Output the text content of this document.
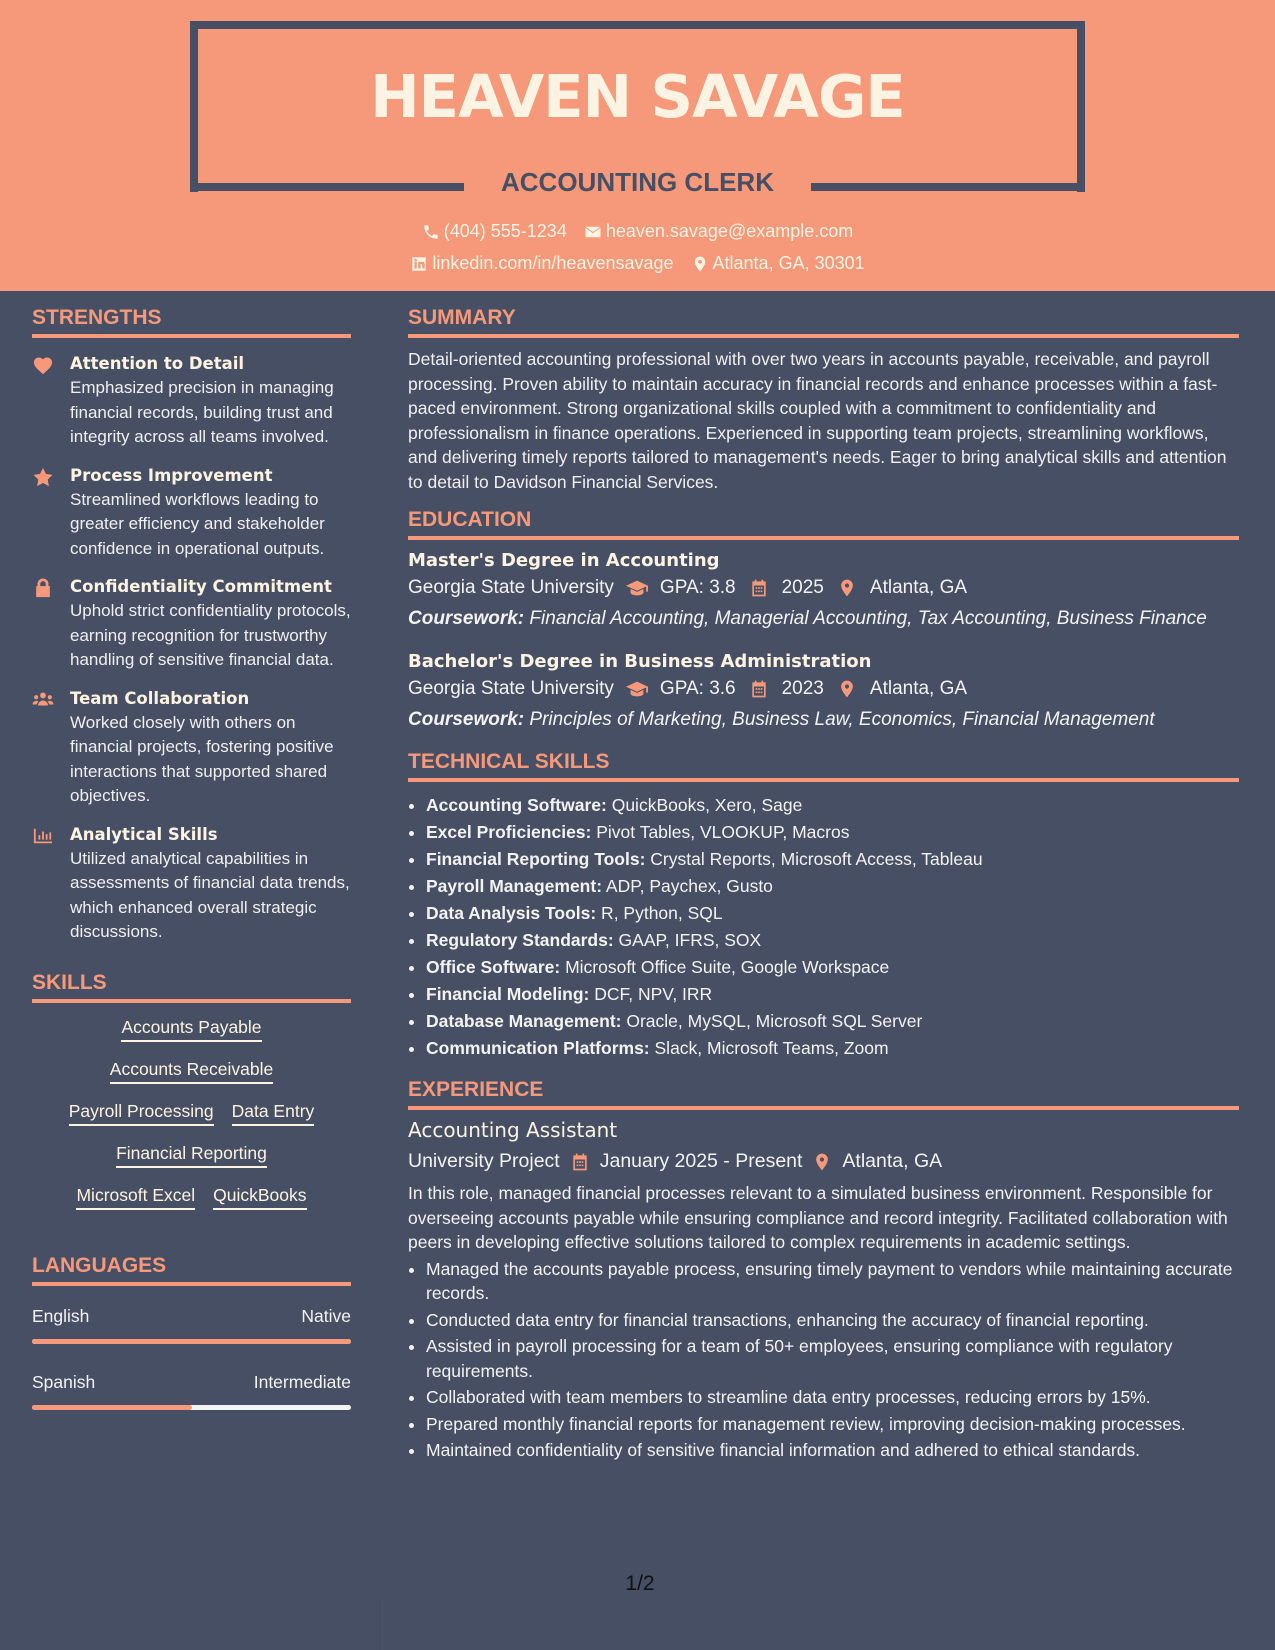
HEAVEN SAVAGE
ACCOUNTING CLERK
(404) 555-1234
heaven.savage@example.com
linkedin.com/in/heavensavage
Atlanta, GA, 30301
STRENGTHS
Attention to Detail

Emphasized precision in managing financial records, building trust and integrity across all teams involved.

Process Improvement

Streamlined workflows leading to greater efficiency and stakeholder confidence in operational outputs.

Confidentiality Commitment

Uphold strict confidentiality protocols, earning recognition for trustworthy handling of sensitive financial data.

Team Collaboration

Worked closely with others on financial projects, fostering positive interactions that supported shared objectives.

Analytical Skills

Utilized analytical capabilities in assessments of financial data trends, which enhanced overall strategic discussions.

SKILLS
Accounts Payable
Accounts Receivable
Payroll Processing Data Entry
Financial Reporting
Microsoft Excel QuickBooks
LANGUAGES
English	Native
Spanish	Intermediate
SUMMARY

Detail-oriented accounting professional with over two years in accounts payable, receivable, and payroll processing. Proven ability to maintain accuracy in financial records and enhance processes within a fast-paced environment. Strong organizational skills coupled with a commitment to confidentiality and professionalism in finance operations. Experienced in supporting team projects, streamlining workflows, and delivering timely reports tailored to management's needs. Eager to bring analytical skills and attention to detail to Davidson Financial Services.

EDUCATION
Master's Degree in Accounting
Georgia State University GPA: 3.8 2025 Atlanta, GA

Coursework: Financial Accounting, Managerial Accounting, Tax Accounting, Business Finance

Bachelor's Degree in Business Administration
Georgia State University GPA: 3.6 2023 Atlanta, GA

Coursework: Principles of Marketing, Business Law, Economics, Financial Management

TECHNICAL SKILLS
• Accounting Software: QuickBooks, Xero, Sage
• Excel Proficiencies: Pivot Tables, VLOOKUP, Macros
• Financial Reporting Tools: Crystal Reports, Microsoft Access, Tableau
• Payroll Management: ADP, Paychex, Gusto
• Data Analysis Tools: R, Python, SQL
• Regulatory Standards: GAAP, IFRS, SOX
• Office Software: Microsoft Office Suite, Google Workspace
• Financial Modeling: DCF, NPV, IRR
• Database Management: Oracle, MySQL, Microsoft SQL Server
• Communication Platforms: Slack, Microsoft Teams, Zoom
EXPERIENCE
Accounting Assistant
University Project January 2025 - Present Atlanta, GA

In this role, managed financial processes relevant to a simulated business environment. Responsible for overseeing accounts payable while ensuring compliance and record integrity. Facilitated collaboration with peers in developing effective solutions tailored to complex requirements in academic settings.

• Managed the accounts payable process, ensuring timely payment to vendors while maintaining accurate records.
• Conducted data entry for financial transactions, enhancing the accuracy of financial reporting.
• Assisted in payroll processing for a team of 50+ employees, ensuring compliance with regulatory requirements.
• Collaborated with team members to streamline data entry processes, reducing errors by 15%.
• Prepared monthly financial reports for management review, improving decision-making processes.
• Maintained confidentiality of sensitive financial information and adhered to ethical standards.
1/2
